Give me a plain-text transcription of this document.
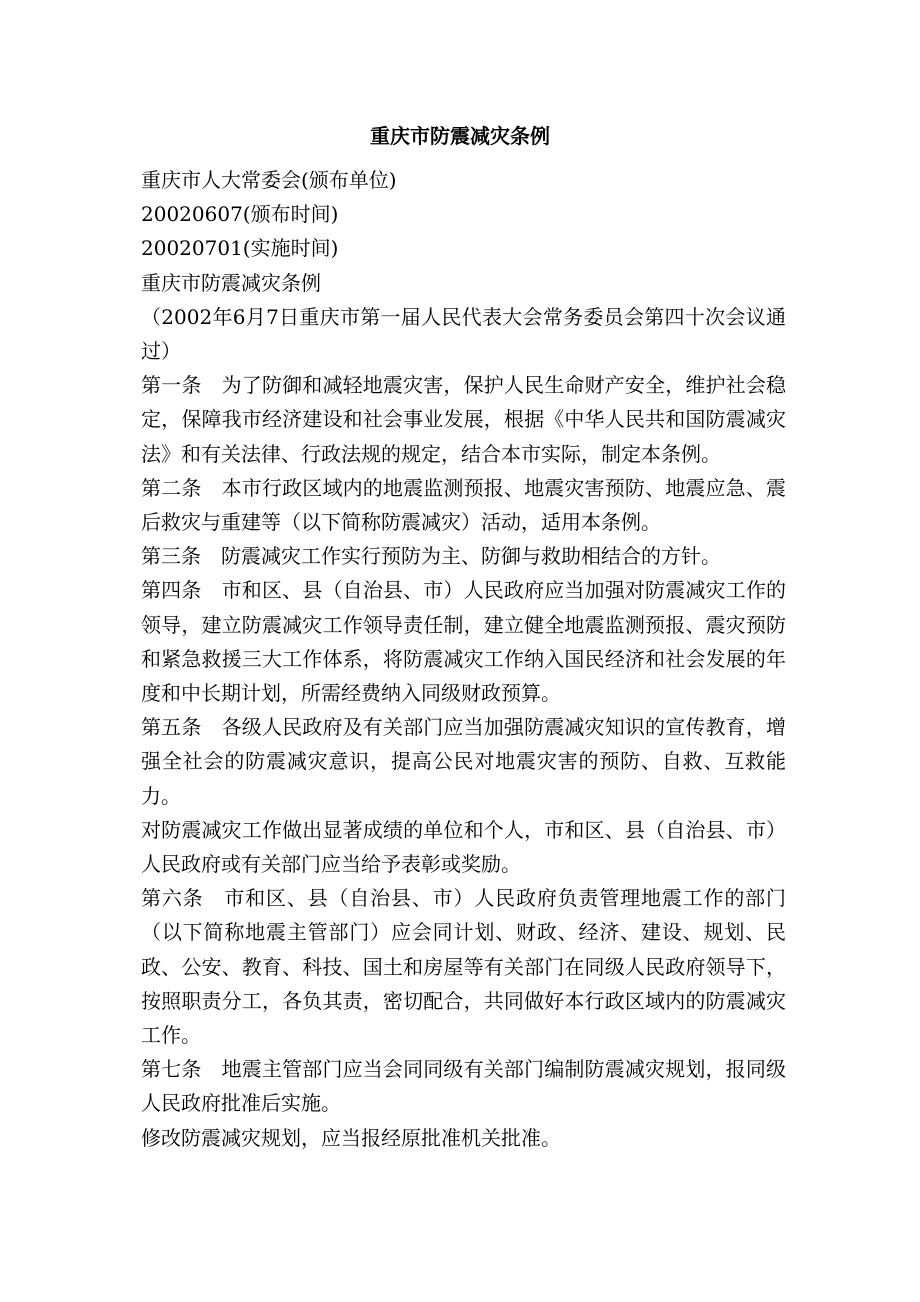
重庆市防震减灾条例

重庆市人大常委会(颁布单位)

20020607(颁布时间)

20020701(实施时间)

重庆市防震减灾条例

（2002年6月7日重庆市第一届人民代表大会常务委员会第四十次会议通过）

第一条　为了防御和减轻地震灾害，保护人民生命财产安全，维护社会稳定，保障我市经济建设和社会事业发展，根据《中华人民共和国防震减灾法》和有关法律、行政法规的规定，结合本市实际，制定本条例。

第二条　本市行政区域内的地震监测预报、地震灾害预防、地震应急、震后救灾与重建等（以下简称防震减灾）活动，适用本条例。

第三条　防震减灾工作实行预防为主、防御与救助相结合的方针。

第四条　市和区、县（自治县、市）人民政府应当加强对防震减灾工作的领导，建立防震减灾工作领导责任制，建立健全地震监测预报、震灾预防和紧急救援三大工作体系，将防震减灾工作纳入国民经济和社会发展的年度和中长期计划，所需经费纳入同级财政预算。

第五条　各级人民政府及有关部门应当加强防震减灾知识的宣传教育，增强全社会的防震减灾意识，提高公民对地震灾害的预防、自救、互救能力。

对防震减灾工作做出显著成绩的单位和个人，市和区、县（自治县、市）人民政府或有关部门应当给予表彰或奖励。

第六条　市和区、县（自治县、市）人民政府负责管理地震工作的部门（以下简称地震主管部门）应会同计划、财政、经济、建设、规划、民政、公安、教育、科技、国土和房屋等有关部门在同级人民政府领导下，按照职责分工，各负其责，密切配合，共同做好本行政区域内的防震减灾工作。

第七条　地震主管部门应当会同同级有关部门编制防震减灾规划，报同级人民政府批准后实施。

修改防震减灾规划，应当报经原批准机关批准。
